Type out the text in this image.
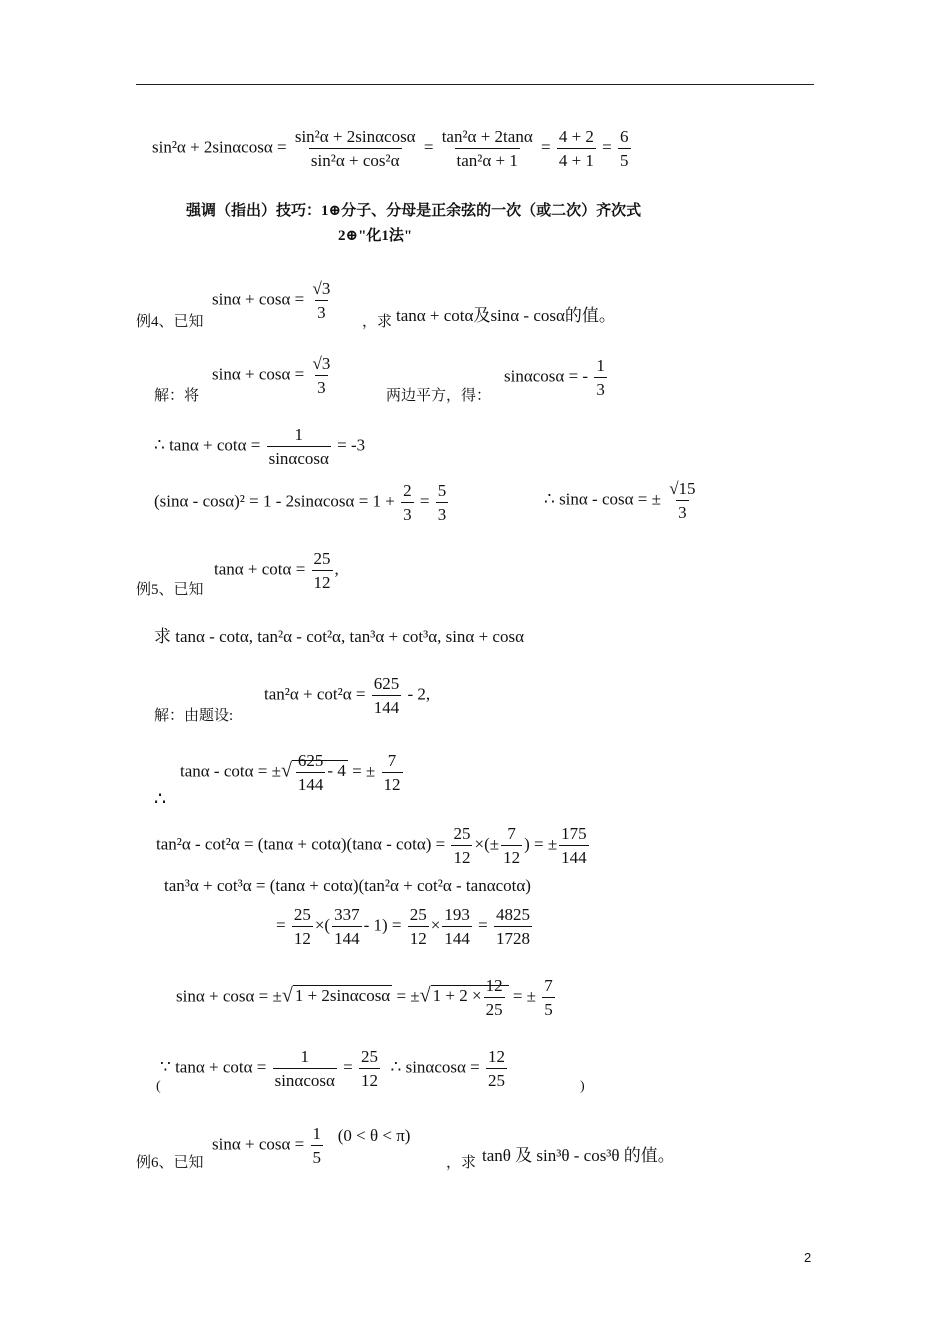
$\sin^2\alpha + 2\sin\alpha\cos\alpha = \frac{\text{sin²α + 2sinαcosα}}{\text{sin²α + cos²α}} = \frac{\text{tan²α + 2tanα}}{\text{tan²α + 1}} = \frac{4 + 2}{4 + 1} = \frac{6}{5}$
强调（指出）技巧：1⊕分子、分母是正余弦的一次（或二次）齐次式
2⊕"化1法"
$\sin\alpha + \cos\alpha = \frac{√3}{3}$
例4、已知	，求 tanα + cotα及sinα - cosα的值。
解：将
$\sin\alpha + \cos\alpha = \frac{√3}{3}$	两边平方，得：
sinαcosα = - $\frac{1}{3}$
∴ $\tan\alpha + \cot\alpha = \frac{1}{\sin\alpha\cos\alpha} = -3$
$(\sin\alpha - \cos\alpha)^2 = 1 - 2\sin\alpha\cos\alpha = 1 + \frac{2}{3} = \frac{5}{3}$	∴ sinα - cosα = ± $\frac{√15}{3}$
$\tan\alpha + \cot\alpha = \frac{25}{12}$ ,
例5、已知
求 tanα - cotα, tan²α - cot²α, tan³α + cot³α, sinα + cosα
$\tan^2\alpha + \cot^2\alpha = \frac{625}{144} - 2$,
解：由题设:
tanα - cotα = ±√ $\frac{625}{144} - 4$ = ± $\frac{7}{12}$
∴
$\tan^2\alpha - \cot^2\alpha = (\tan\alpha + \cot\alpha)(\tan\alpha - \cot\alpha) = \frac{25}{12}$ ×(± $\frac{7}{12}$ ) = ± $\frac{175}{144}$
tan³α + cot³α = (tanα + cotα)(tan²α + cot²α - tanαcotα)
= $\frac{25}{12}$ ×( $\frac{337}{144} - 1) = \frac{25}{12} \times \frac{193}{144} = \frac{4825}{1728}$
sinα + cosα = ±√ 1 + 2sinαcosα = ±√ $1 + 2 \times \frac{12}{25}$ = ± $\frac{7}{5}$
(
∵ $\tan\alpha + \cot\alpha = \frac{1}{\sin\alpha\cos\alpha} = \frac{25}{12}$ ∴ $\sin\alpha\cos\alpha = \frac{12}{25}$	)
$\sin\alpha + \cos\alpha = \frac{1}{5} (0 < \theta < \pi)$
例6、已知	，求 tanθ 及 sin³θ - cos³θ 的值。
2
